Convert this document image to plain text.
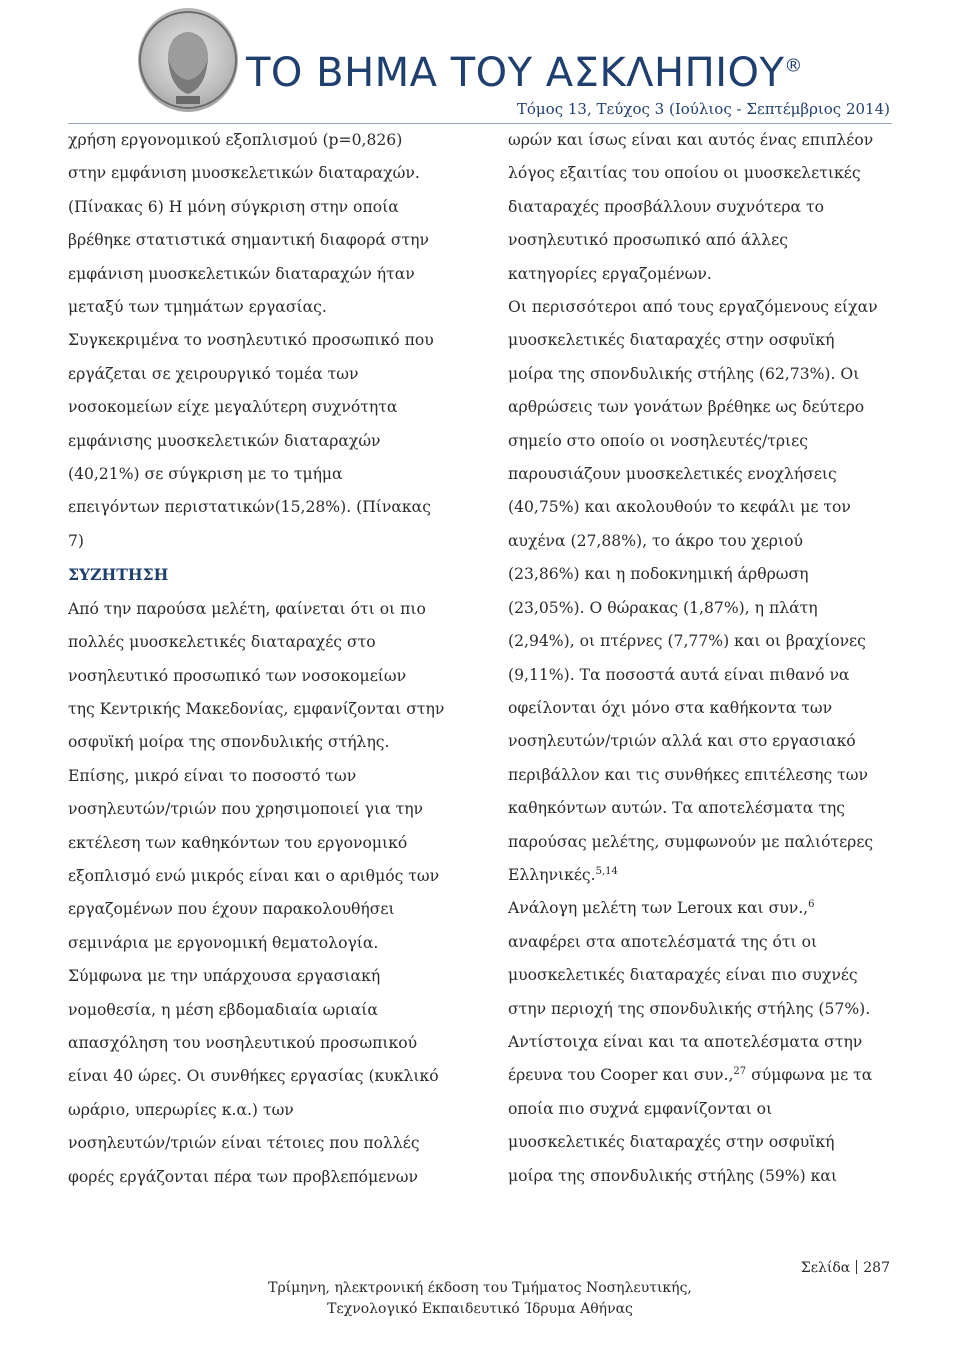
ΤΟ ΒΗΜΑ ΤΟΥ ΑΣΚΛΗΠΙΟΥ®
Τόμος 13, Τεύχος 3 (Ιούλιος - Σεπτέμβριος 2014)
χρήση εργονομικού εξοπλισμού (p=0,826)
στην εμφάνιση μυοσκελετικών διαταραχών.
(Πίνακας 6) Η μόνη σύγκριση στην οποία
βρέθηκε στατιστικά σημαντική διαφορά στην
εμφάνιση μυοσκελετικών διαταραχών ήταν
μεταξύ των τμημάτων εργασίας.
Συγκεκριμένα το νοσηλευτικό προσωπικό που
εργάζεται σε χειρουργικό τομέα των
νοσοκομείων είχε μεγαλύτερη συχνότητα
εμφάνισης μυοσκελετικών διαταραχών
(40,21%) σε σύγκριση με το τμήμα
επειγόντων περιστατικών(15,28%). (Πίνακας
7)
ΣΥΖΗΤΗΣΗ
Από την παρούσα μελέτη, φαίνεται ότι οι πιο
πολλές μυοσκελετικές διαταραχές στο
νοσηλευτικό προσωπικό των νοσοκομείων
της Κεντρικής Μακεδονίας, εμφανίζονται στην
οσφυϊκή μοίρα της σπονδυλικής στήλης.
Επίσης, μικρό είναι το ποσοστό των
νοσηλευτών/τριών που χρησιμοποιεί για την
εκτέλεση των καθηκόντων του εργονομικό
εξοπλισμό ενώ μικρός είναι και ο αριθμός των
εργαζομένων που έχουν παρακολουθήσει
σεμινάρια με εργονομική θεματολογία.
Σύμφωνα με την υπάρχουσα εργασιακή
νομοθεσία, η μέση εβδομαδιαία ωριαία
απασχόληση του νοσηλευτικού προσωπικού
είναι 40 ώρες. Οι συνθήκες εργασίας (κυκλικό
ωράριο, υπερωρίες κ.α.) των
νοσηλευτών/τριών είναι τέτοιες που πολλές
φορές εργάζονται πέρα των προβλεπόμενων
ωρών και ίσως είναι και αυτός ένας επιπλέον
λόγος εξαιτίας του οποίου οι μυοσκελετικές
διαταραχές προσβάλλουν συχνότερα το
νοσηλευτικό προσωπικό από άλλες
κατηγορίες εργαζομένων.
Οι περισσότεροι από τους εργαζόμενους είχαν
μυοσκελετικές διαταραχές στην οσφυϊκή
μοίρα της σπονδυλικής στήλης (62,73%). Οι
αρθρώσεις των γονάτων βρέθηκε ως δεύτερο
σημείο στο οποίο οι νοσηλευτές/τριες
παρουσιάζουν μυοσκελετικές ενοχλήσεις
(40,75%) και ακολουθούν το κεφάλι με τον
αυχένα (27,88%), το άκρο του χεριού
(23,86%) και η ποδοκνημική άρθρωση
(23,05%). Ο θώρακας (1,87%), η πλάτη
(2,94%), οι πτέρνες (7,77%) και οι βραχίονες
(9,11%). Τα ποσοστά αυτά είναι πιθανό να
οφείλονται όχι μόνο στα καθήκοντα των
νοσηλευτών/τριών αλλά και στο εργασιακό
περιβάλλον και τις συνθήκες επιτέλεσης των
καθηκόντων αυτών. Τα αποτελέσματα της
παρούσας μελέτης, συμφωνούν με παλιότερες
Ελληνικές.$^{5,14}$
Ανάλογη μελέτη των Leroux και συν.,$^6$
αναφέρει στα αποτελέσματά της ότι οι
μυοσκελετικές διαταραχές είναι πιο συχνές
στην περιοχή της σπονδυλικής στήλης (57%).
Αντίστοιχα είναι και τα αποτελέσματα στην
έρευνα του Cooper και συν.,$^{27}$ σύμφωνα με τα
οποία πιο συχνά εμφανίζονται οι
μυοσκελετικές διαταραχές στην οσφυϊκή
μοίρα της σπονδυλικής στήλης (59%) και
Σελίδα 287
Τρίμηνη, ηλεκτρονική έκδοση του Τμήματος Νοσηλευτικής,
Τεχνολογικό Εκπαιδευτικό Ίδρυμα Αθήνας
